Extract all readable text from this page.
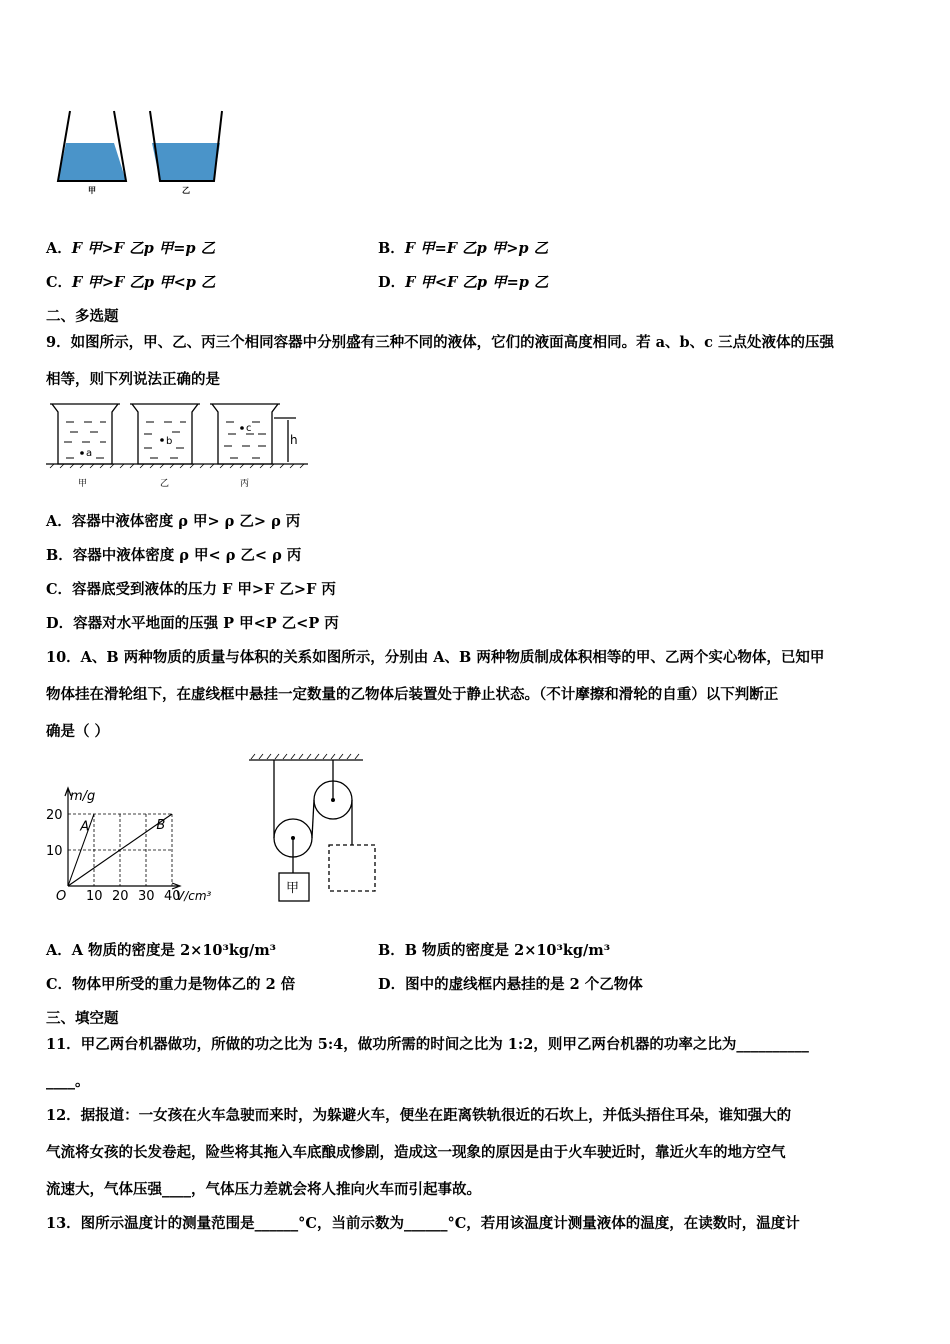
甲	乙
A．F 甲>F 乙p 甲=p 乙	B．F 甲=F 乙p 甲>p 乙
C．F 甲>F 乙p 甲<p 乙	D．F 甲<F 乙p 甲=p 乙
二、多选题
9．如图所示，甲、乙、丙三个相同容器中分别盛有三种不同的液体，它们的液面高度相同。若 a、b、c 三点处液体的压强
相等，则下列说法正确的是
a
b
c
h
甲	乙	丙
A．容器中液体密度 ρ 甲> ρ 乙> ρ 丙
B．容器中液体密度 ρ 甲< ρ 乙< ρ 丙
C．容器底受到液体的压力 F 甲>F 乙>F 丙
D．容器对水平地面的压强 P 甲<P 乙<P 丙
10．A、B 两种物质的质量与体积的关系如图所示，分别由 A、B 两种物质制成体积相等的甲、乙两个实心物体，已知甲
物体挂在滑轮组下，在虚线框中悬挂一定数量的乙物体后装置处于静止状态。（不计摩擦和滑轮的自重）以下判断正
确是（ ）
m/g
20
10
O 10 20 30 40
V/cm³
A	B
甲
A．A 物质的密度是 2×10³kg/m³	B．B 物质的密度是 2×10³kg/m³
C．物体甲所受的重力是物体乙的 2 倍	D．图中的虚线框内悬挂的是 2 个乙物体
三、填空题
11．甲乙两台机器做功，所做的功之比为 5:4，做功所需的时间之比为 1:2，则甲乙两台机器的功率之比为__________
____。
12．据报道：一女孩在火车急驶而来时，为躲避火车，便坐在距离铁轨很近的石坎上，并低头捂住耳朵，谁知强大的
气流将女孩的长发卷起，险些将其拖入车底酿成惨剧，造成这一现象的原因是由于火车驶近时，靠近火车的地方空气
流速大，气体压强____，气体压力差就会将人推向火车而引起事故。
13．图所示温度计的测量范围是______°C，当前示数为______°C，若用该温度计测量液体的温度，在读数时，温度计
